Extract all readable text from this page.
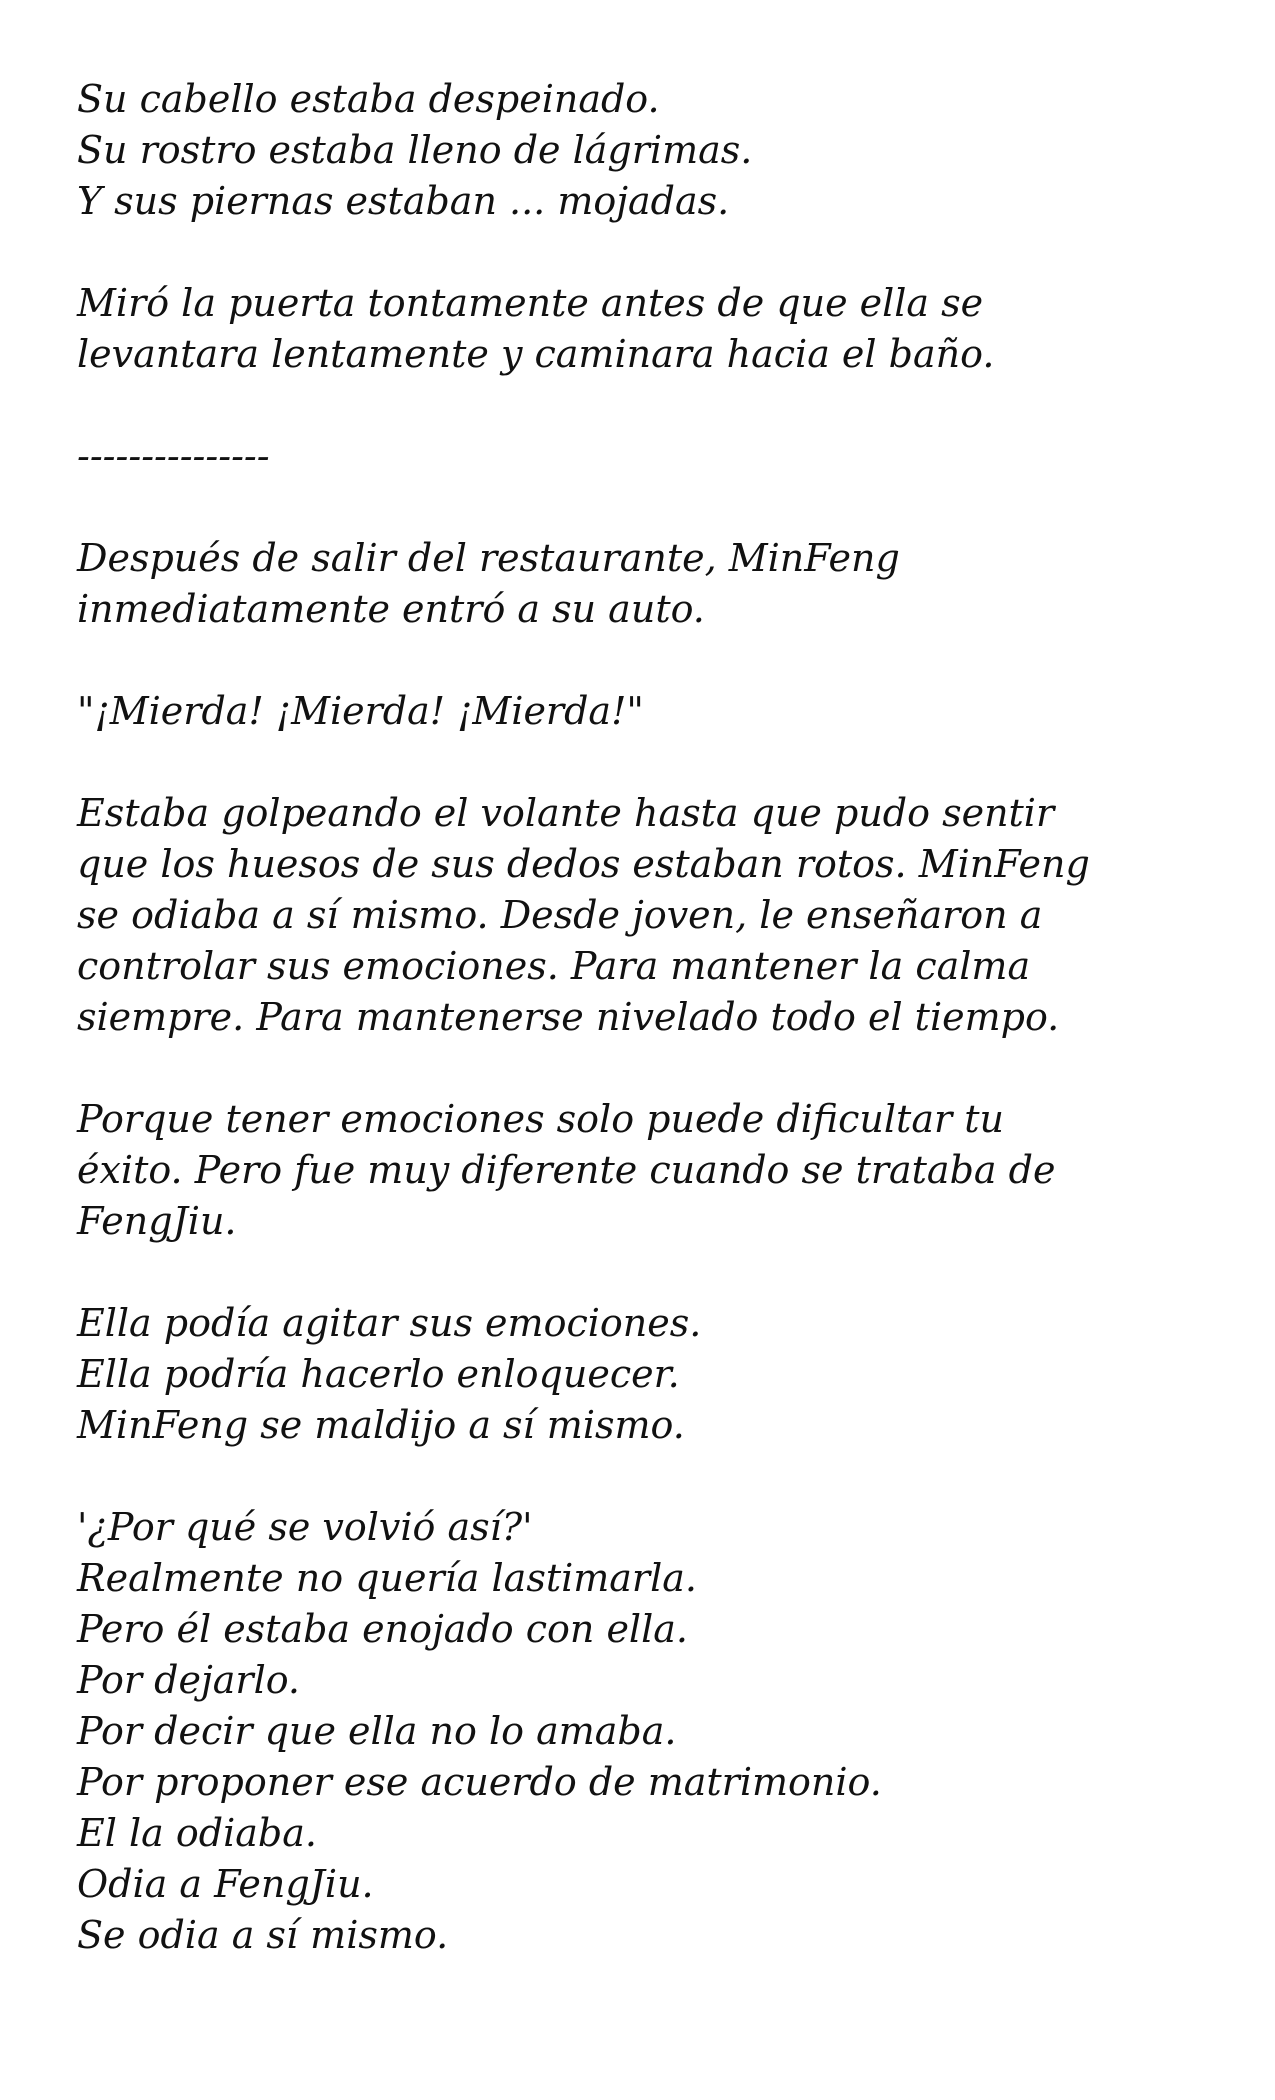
Su cabello estaba despeinado.
Su rostro estaba lleno de lágrimas.
Y sus piernas estaban ... mojadas.

Miró la puerta tontamente antes de que ella se
levantara lentamente y caminara hacia el baño.

---------------

Después de salir del restaurante, MinFeng
inmediatamente entró a su auto.

"¡Mierda! ¡Mierda! ¡Mierda!"

Estaba golpeando el volante hasta que pudo sentir
que los huesos de sus dedos estaban rotos. MinFeng
se odiaba a sí mismo. Desde joven, le enseñaron a
controlar sus emociones. Para mantener la calma
siempre. Para mantenerse nivelado todo el tiempo.

Porque tener emociones solo puede dificultar tu
éxito. Pero fue muy diferente cuando se trataba de
FengJiu.

Ella podía agitar sus emociones.
Ella podría hacerlo enloquecer.
MinFeng se maldijo a sí mismo.

'¿Por qué se volvió así?'
Realmente no quería lastimarla.
Pero él estaba enojado con ella.
Por dejarlo.
Por decir que ella no lo amaba.
Por proponer ese acuerdo de matrimonio.
El la odiaba.
Odia a FengJiu.
Se odia a sí mismo.
